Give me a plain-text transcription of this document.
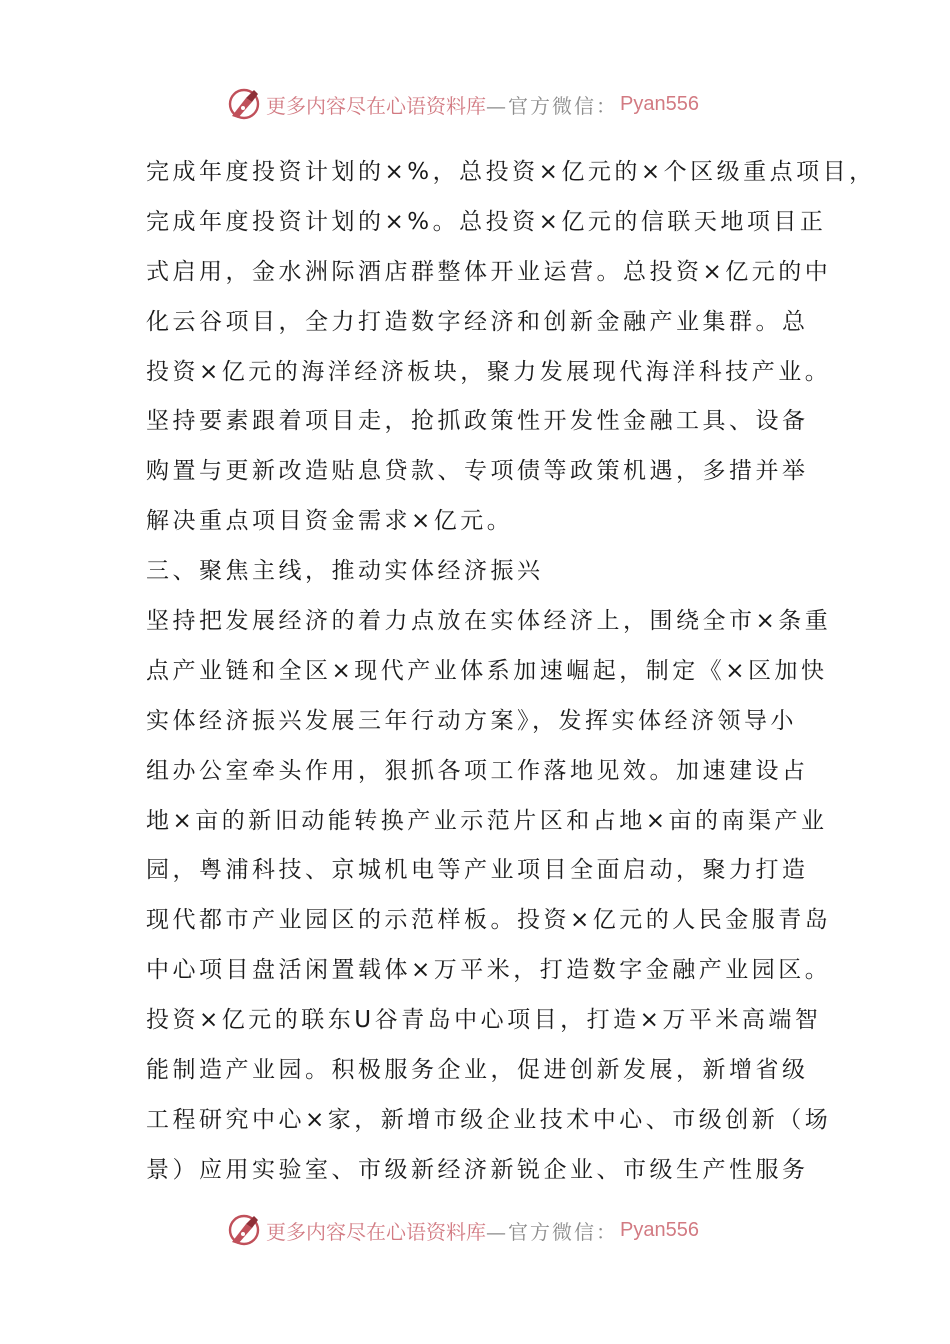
更多内容尽在心语资料库 —官方微信： Pyan556
完成年度投资计划的×%，总投资×亿元的×个区级重点项目，
完成年度投资计划的×%。总投资×亿元的信联天地项目正
式启用，金水洲际酒店群整体开业运营。总投资×亿元的中
化云谷项目，全力打造数字经济和创新金融产业集群。总
投资×亿元的海洋经济板块，聚力发展现代海洋科技产业。
坚持要素跟着项目走，抢抓政策性开发性金融工具、设备
购置与更新改造贴息贷款、专项债等政策机遇，多措并举
解决重点项目资金需求×亿元。
三、聚焦主线，推动实体经济振兴
坚持把发展经济的着力点放在实体经济上，围绕全市×条重
点产业链和全区×现代产业体系加速崛起，制定《×区加快
实体经济振兴发展三年行动方案》，发挥实体经济领导小
组办公室牵头作用，狠抓各项工作落地见效。加速建设占
地×亩的新旧动能转换产业示范片区和占地×亩的南渠产业
园，粤浦科技、京城机电等产业项目全面启动，聚力打造
现代都市产业园区的示范样板。投资×亿元的人民金服青岛
中心项目盘活闲置载体×万平米，打造数字金融产业园区。
投资×亿元的联东U谷青岛中心项目，打造×万平米高端智
能制造产业园。积极服务企业，促进创新发展，新增省级
工程研究中心×家，新增市级企业技术中心、市级创新（场
景）应用实验室、市级新经济新锐企业、市级生产性服务
更多内容尽在心语资料库 —官方微信： Pyan556
